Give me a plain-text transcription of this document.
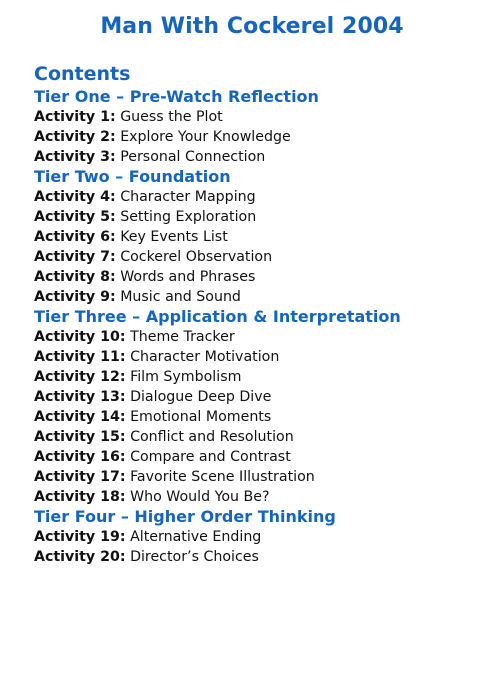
Man With Cockerel 2004
Contents
Tier One – Pre-Watch Reflection
Activity 1: Guess the Plot
Activity 2: Explore Your Knowledge
Activity 3: Personal Connection
Tier Two – Foundation
Activity 4: Character Mapping
Activity 5: Setting Exploration
Activity 6: Key Events List
Activity 7: Cockerel Observation
Activity 8: Words and Phrases
Activity 9: Music and Sound
Tier Three – Application & Interpretation
Activity 10: Theme Tracker
Activity 11: Character Motivation
Activity 12: Film Symbolism
Activity 13: Dialogue Deep Dive
Activity 14: Emotional Moments
Activity 15: Conflict and Resolution
Activity 16: Compare and Contrast
Activity 17: Favorite Scene Illustration
Activity 18: Who Would You Be?
Tier Four – Higher Order Thinking
Activity 19: Alternative Ending
Activity 20: Director’s Choices
